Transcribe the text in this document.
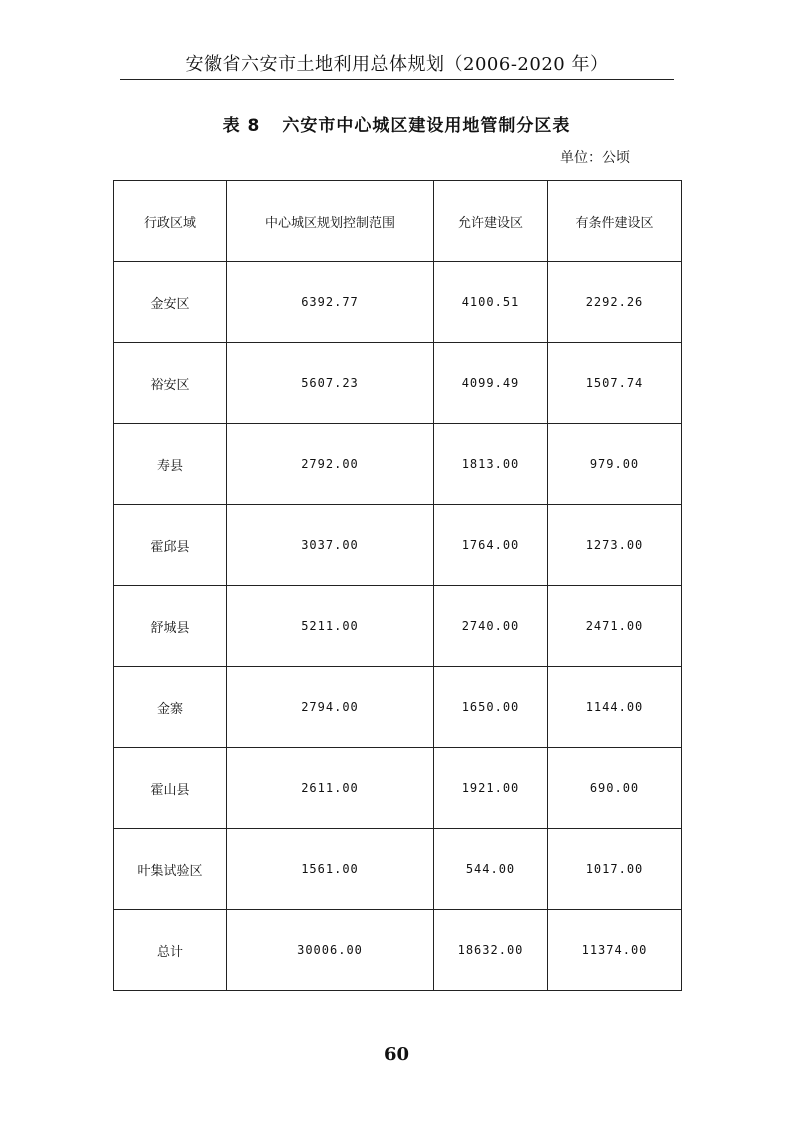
安徽省六安市土地利用总体规划（2006-2020 年）
表 8 六安市中心城区建设用地管制分区表
单位：公顷
行政区域	中心城区规划控制范围	允许建设区	有条件建设区
金安区	6392.77	4100.51	2292.26
裕安区	5607.23	4099.49	1507.74
寿县	2792.00	1813.00	979.00
霍邱县	3037.00	1764.00	1273.00
舒城县	5211.00	2740.00	2471.00
金寨	2794.00	1650.00	1144.00
霍山县	2611.00	1921.00	690.00
叶集试验区	1561.00	544.00	1017.00
总计	30006.00	18632.00	11374.00
60
